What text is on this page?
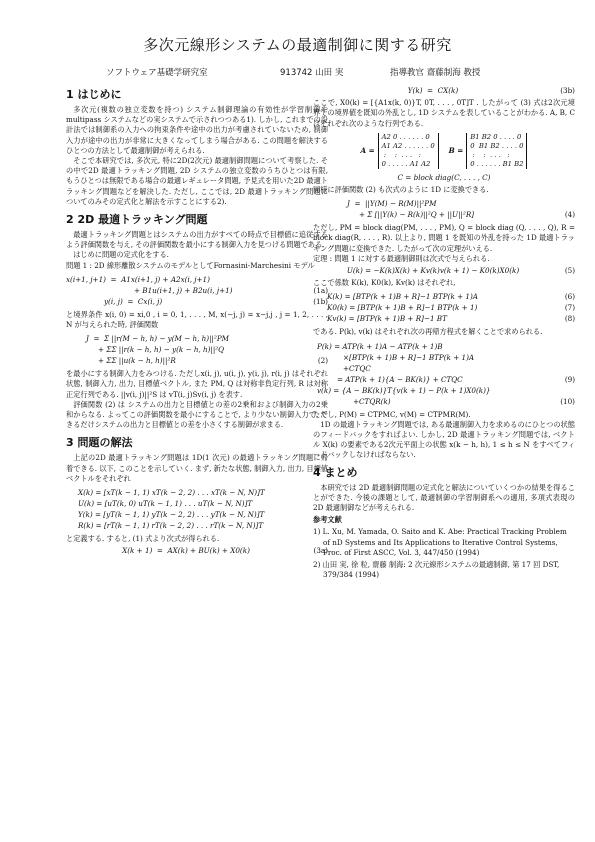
多次元線形システムの最適制御に関する研究
ソフトウェア基礎学研究室	913742 山田 実	指導教官 齋藤制海 教授
1 はじめに

多次元(複数の独立変数を持つ) システム制御理論の有効性が学習制御やmultipass システムなどの実システムで示されつつある1). しかし, これまでの設計法では制御系の入力への拘束条件や途中の出力が考慮されていないため, 制御入力が途中の出力が非常に大きくなってしまう場合がある. この問題を解決するひとつの方法として最適制御が考えられる.

そこで本研究では, 多次元, 特に2D(2次元) 最適制御問題について考察した. その中で2D 最適トラッキング問題, 2D システムの独立変数のうちひとつは有限, もうひとつは無限である場合の最適レギュレータ問題, 予見式を用いた2D 最適トラッキング問題などを解決した. ただし, ここでは, 2D 最適トラッキング問題についてのみその定式化と解法を示すことにする2).

2 2D 最適トラッキング問題

最適トラッキング問題とはシステムの出力がすべての時点で目標値に追従するよう評価関数を与え, その評価関数を最小にする制御入力を見つける問題である.

はじめに問題の定式化をする.

問題 1 : 2D 線形離散システムのモデルとしてFornasini-Marchesini モデル

x(i+1, j+1)  =  A1x(i+1, j) + A2x(i, j+1)
+ B1u(i+1, j) + B2u(i, j+1)	(1a)
y(i, j)  =  Cx(i, j)	(1b)

と境界条件 x(i, 0) = xi,0 , i = 0, 1, . . . , M, x(−j, j) = x−j,j , j = 1, 2, . . . , N が与えられた時, 評価関数

J  =  Σ ||r(M − h, h) − y(M − h, h)||²PM
+ ΣΣ ||r(k − h, h) − y(k − h, h)||²Q
+ ΣΣ ||u(k − h, h)||²R	(2)

を最小にする制御入力をみつける. ただしx(i, j), u(i, j), y(i, j), r(i, j) はそれぞれ状態, 制御入力, 出力, 目標値ベクトル, また PM, Q は対称非負定行列, R は対称正定行列である. ||v(i, j)||²S は vT(i, j)Sv(i, j) を表す.

評価関数 (2) は システムの出力と目標値との差の2乗和および制御入力の2乗和からなる. よってこの評価関数を最小にすることで, より少ない制御入力で, できるだけシステムの出力と目標値との差を小さくする制御が求まる.

3 問題の解法

上記の2D 最適トラッキング問題は 1D(1 次元) の最適トラッキング問題に帰着できる. 以下, このことを示していく. まず, 新たな状態, 制御入力, 出力, 目標値ベクトルをそれぞれ

X(k) = [xT(k − 1, 1) xT(k − 2, 2) . . . xT(k − N, N)]T
U(k) = [uT(k, 0) uT(k − 1, 1) . . . uT(k − N, N)]T
Y(k) = [yT(k − 1, 1) yT(k − 2, 2) . . . yT(k − N, N)]T
R(k) = [rT(k − 1, 1) rT(k − 2, 2) . . . rT(k − N, N)]T

と定義する. すると, (1) 式より次式が得られる.

X(k + 1)  =  AX(k) + BU(k) + X0(k)	(3a)
Y(k)  =  CX(k)	(3b)

ここで, X0(k) = [{A1x(k, 0)}T, 0T, . . . , 0T]T . したがって (3) 式は2次元境界での境界値を既知の外乱とし, 1D システムを表していることがわかる. A, B, C はそれぞれ次のような行列である.

A =
A2 0 . . . . . . 0
A1 A2 . . . . . . 0
:    :  . . .   :
0 . . . . . A1 A2
B =
B1 B2 0 . . . . 0
0  B1 B2 . . . . 0
:    :  . . .   :
0 . . . . . . B1 B2
C = block diag(C, . . . , C)

同様に評価関数 (2) も次式のように 1D に変換できる.

J  =  ||Y(M) − R(M)||²PM
+ Σ [||Y(k) − R(k)||²Q + ||U||²R]	(4)

ただし, PM = block diag(PM, . . . , PM), Q = block diag (Q, . . . , Q), R = block diag(R, . . . , R). 以上より, 問題 1 を既知の外乱を持った 1D 最適トラッキング問題に変換できた. したがって次の定理がいえる.

定理 : 問題 1 に対する最適制御則は次式で与えられる.

U(k) = −K(k)X(k) + Kv(k)v(k + 1) − K0(k)X0(k)	(5)

ここで係数 K(k), K0(k), Kv(k) はそれぞれ,

K(k) = [BTP(k + 1)B + R]−1 BTP(k + 1)A	(6)
K0(k) = [BTP(k + 1)B + R]−1 BTP(k + 1)	(7)
Kv(k) = [BTP(k + 1)B + R]−1 BT	(8)

である. P(k), v(k) はそれぞれ次の再帰方程式を解くことで求められる.

P(k) = ATP(k + 1)A − ATP(k + 1)B
×[BTP(k + 1)B + R]−1 BTP(k + 1)A
+CTQC
= ATP(k + 1){A − BK(k)} + CTQC	(9)
v(k) = {A − BK(k)}T{v(k + 1) − P(k + 1)X0(k)}
+CTQR(k)	(10)

ただし, P(M) = CTPMC, v(M) = CTPMR(M).

1D の最適トラッキング問題では, ある最適制御入力を求めるのにひとつの状態のフィードバックをすればよい. しかし, 2D 最適トラッキング問題では, ベクトル X(k) の要素である2次元平面上の状態 x(k − h, h), 1 ≤ h ≤ N をすべてフィードバックしなければならない.

4 まとめ

本研究では 2D 最適制御問題の定式化と解法についていくつかの結果を得ることができた. 今後の課題として, 最適制御の学習制御系への適用, 多項式表現の 2D 最適制御などが考えられる.

参考文献

1) L. Xu, M. Yamada, O. Saito and K. Abe: Practical Tracking Problem of nD Systems and Its Applications to Iterative Control Systems, Proc. of First ASCC, Vol. 3, 447/450 (1994)

2) 山田 実, 徐 粒, 齋藤 制海: 2 次元線形システムの最適制御, 第 17 回 DST, 379/384 (1994)
